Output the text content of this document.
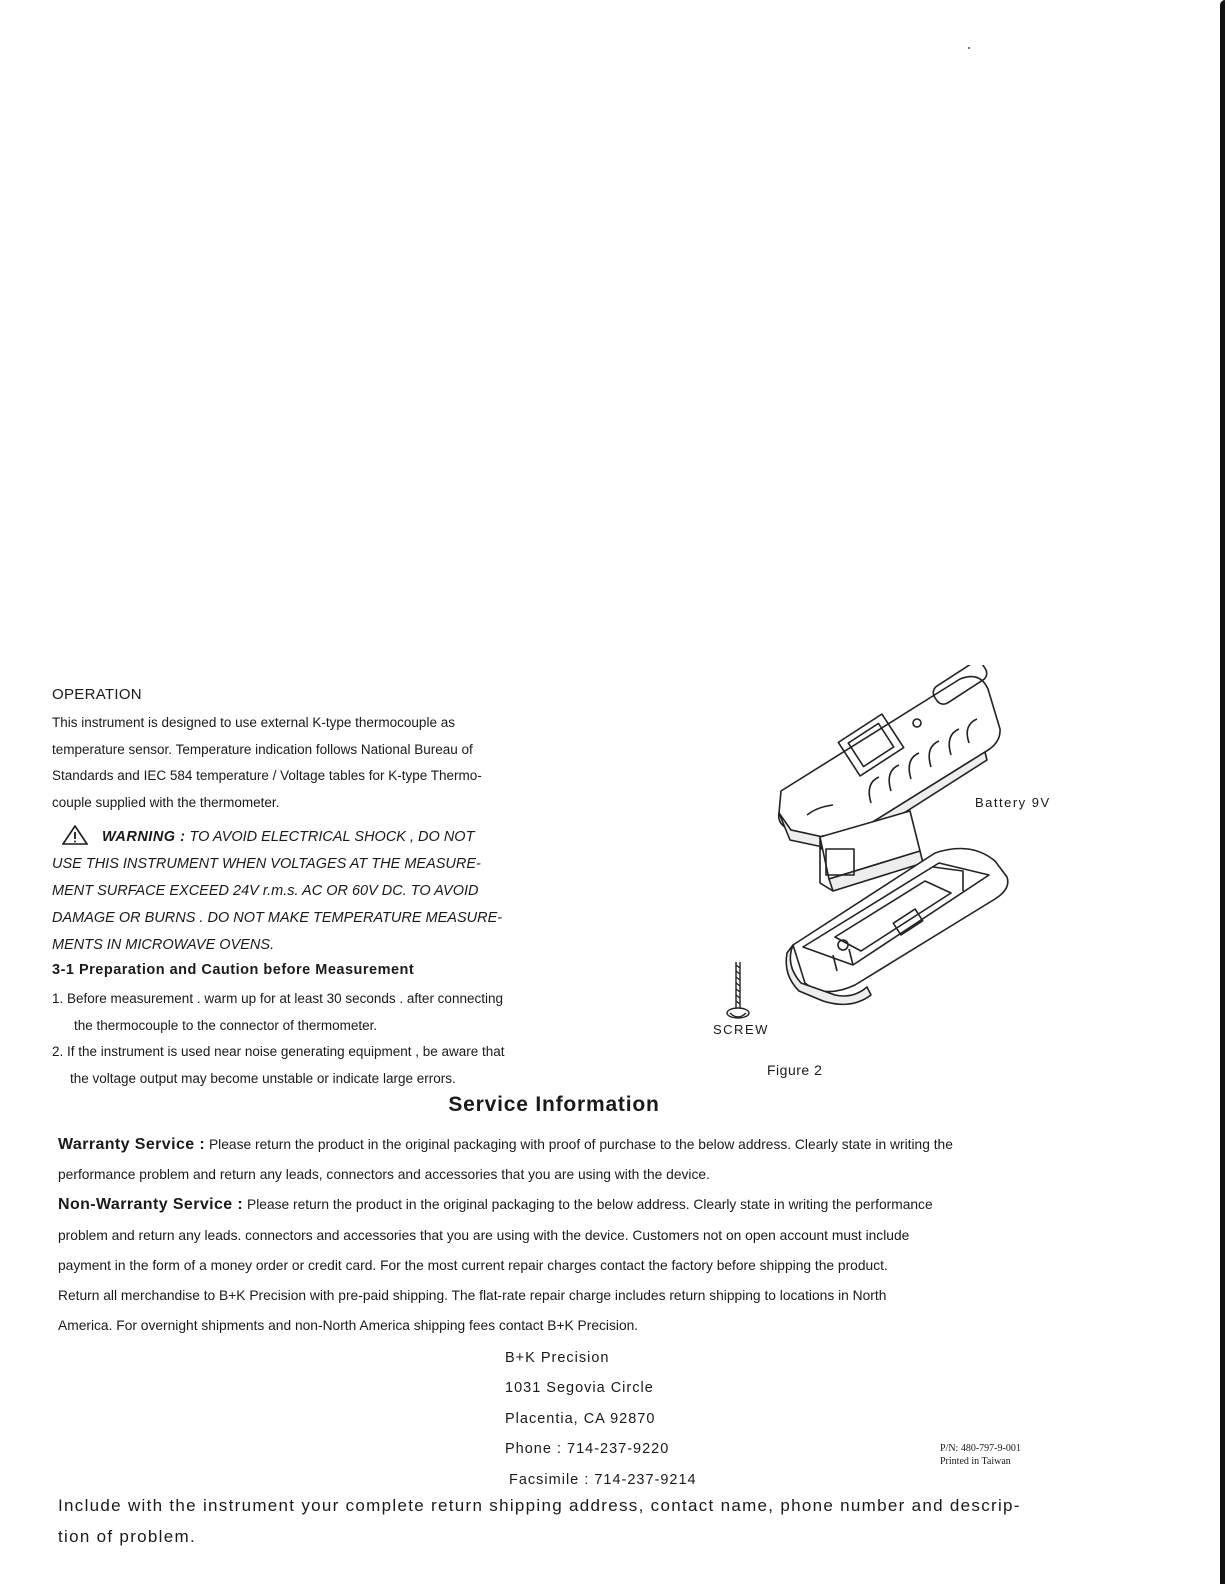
OPERATION
This instrument is designed to use external K-type thermocouple as
temperature sensor. Temperature indication follows National Bureau of
Standards and IEC 584 temperature / Voltage tables for K-type Thermo-
couple supplied with the thermometer.
WARNING : TO AVOID ELECTRICAL SHOCK , DO NOT
USE THIS INSTRUMENT WHEN VOLTAGES AT THE MEASURE-
MENT SURFACE EXCEED 24V r.m.s. AC OR 60V DC. TO AVOID
DAMAGE OR BURNS . DO NOT MAKE TEMPERATURE MEASURE-
MENTS IN MICROWAVE OVENS.
3-1 Preparation and Caution before Measurement
1. Before measurement . warm up for at least 30 seconds . after connecting
the thermocouple to the connector of thermometer.
2. If the instrument is used near noise generating equipment , be aware that
the voltage output may become unstable or indicate large errors.
Battery 9V
SCREW
Figure 2
Service Information
Warranty Service : Please return the product in the original packaging with proof of purchase to the below address. Clearly state in writing the
performance problem and return any leads, connectors and accessories that you are using with the device.
Non-Warranty Service : Please return the product in the original packaging to the below address. Clearly state in writing the performance
problem and return any leads. connectors and accessories that you are using with the device. Customers not on open account must include
payment in the form of a money order or credit card. For the most current repair charges contact the factory before shipping the product.
Return all merchandise to B+K Precision with pre-paid shipping. The flat-rate repair charge includes return shipping to locations in North
America. For overnight shipments and non-North America shipping fees contact B+K Precision.
B+K Precision
1031 Segovia Circle
Placentia, CA 92870
Phone : 714-237-9220
Facsimile : 714-237-9214
P/N: 480-797-9-001
Printed in Taiwan
Include with the instrument your complete return shipping address, contact name, phone number and descrip-
tion of problem.
